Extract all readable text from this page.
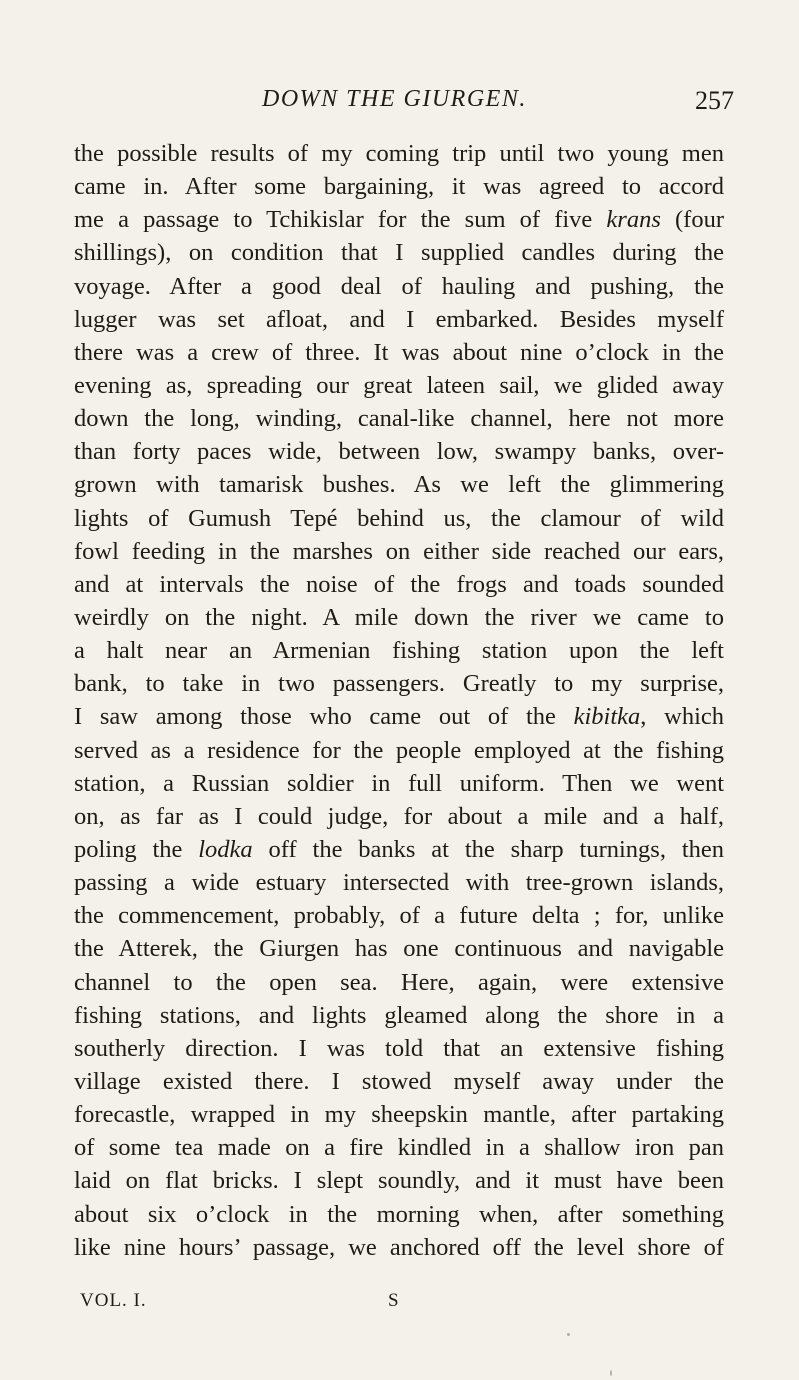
DOWN THE GIURGEN.	257
the possible results of my coming trip until two young men
came in. After some bargaining, it was agreed to accord
me a passage to Tchikislar for the sum of five krans (four
shillings), on condition that I supplied candles during the
voyage. After a good deal of hauling and pushing, the
lugger was set afloat, and I embarked. Besides myself
there was a crew of three. It was about nine o’clock in the
evening as, spreading our great lateen sail, we glided away
down the long, winding, canal-like channel, here not more
than forty paces wide, between low, swampy banks, over-
grown with tamarisk bushes. As we left the glimmering
lights of Gumush Tepé behind us, the clamour of wild
fowl feeding in the marshes on either side reached our ears,
and at intervals the noise of the frogs and toads sounded
weirdly on the night. A mile down the river we came to
a halt near an Armenian fishing station upon the left
bank, to take in two passengers. Greatly to my surprise,
I saw among those who came out of the kibitka, which
served as a residence for the people employed at the fishing
station, a Russian soldier in full uniform. Then we went
on, as far as I could judge, for about a mile and a half,
poling the lodka off the banks at the sharp turnings, then
passing a wide estuary intersected with tree-grown islands,
the commencement, probably, of a future delta ; for, unlike
the Atterek, the Giurgen has one continuous and navigable
channel to the open sea. Here, again, were extensive
fishing stations, and lights gleamed along the shore in a
southerly direction. I was told that an extensive fishing
village existed there. I stowed myself away under the
forecastle, wrapped in my sheepskin mantle, after partaking
of some tea made on a fire kindled in a shallow iron pan
laid on flat bricks. I slept soundly, and it must have been
about six o’clock in the morning when, after something
like nine hours’ passage, we anchored off the level shore of
VOL. I.	S
